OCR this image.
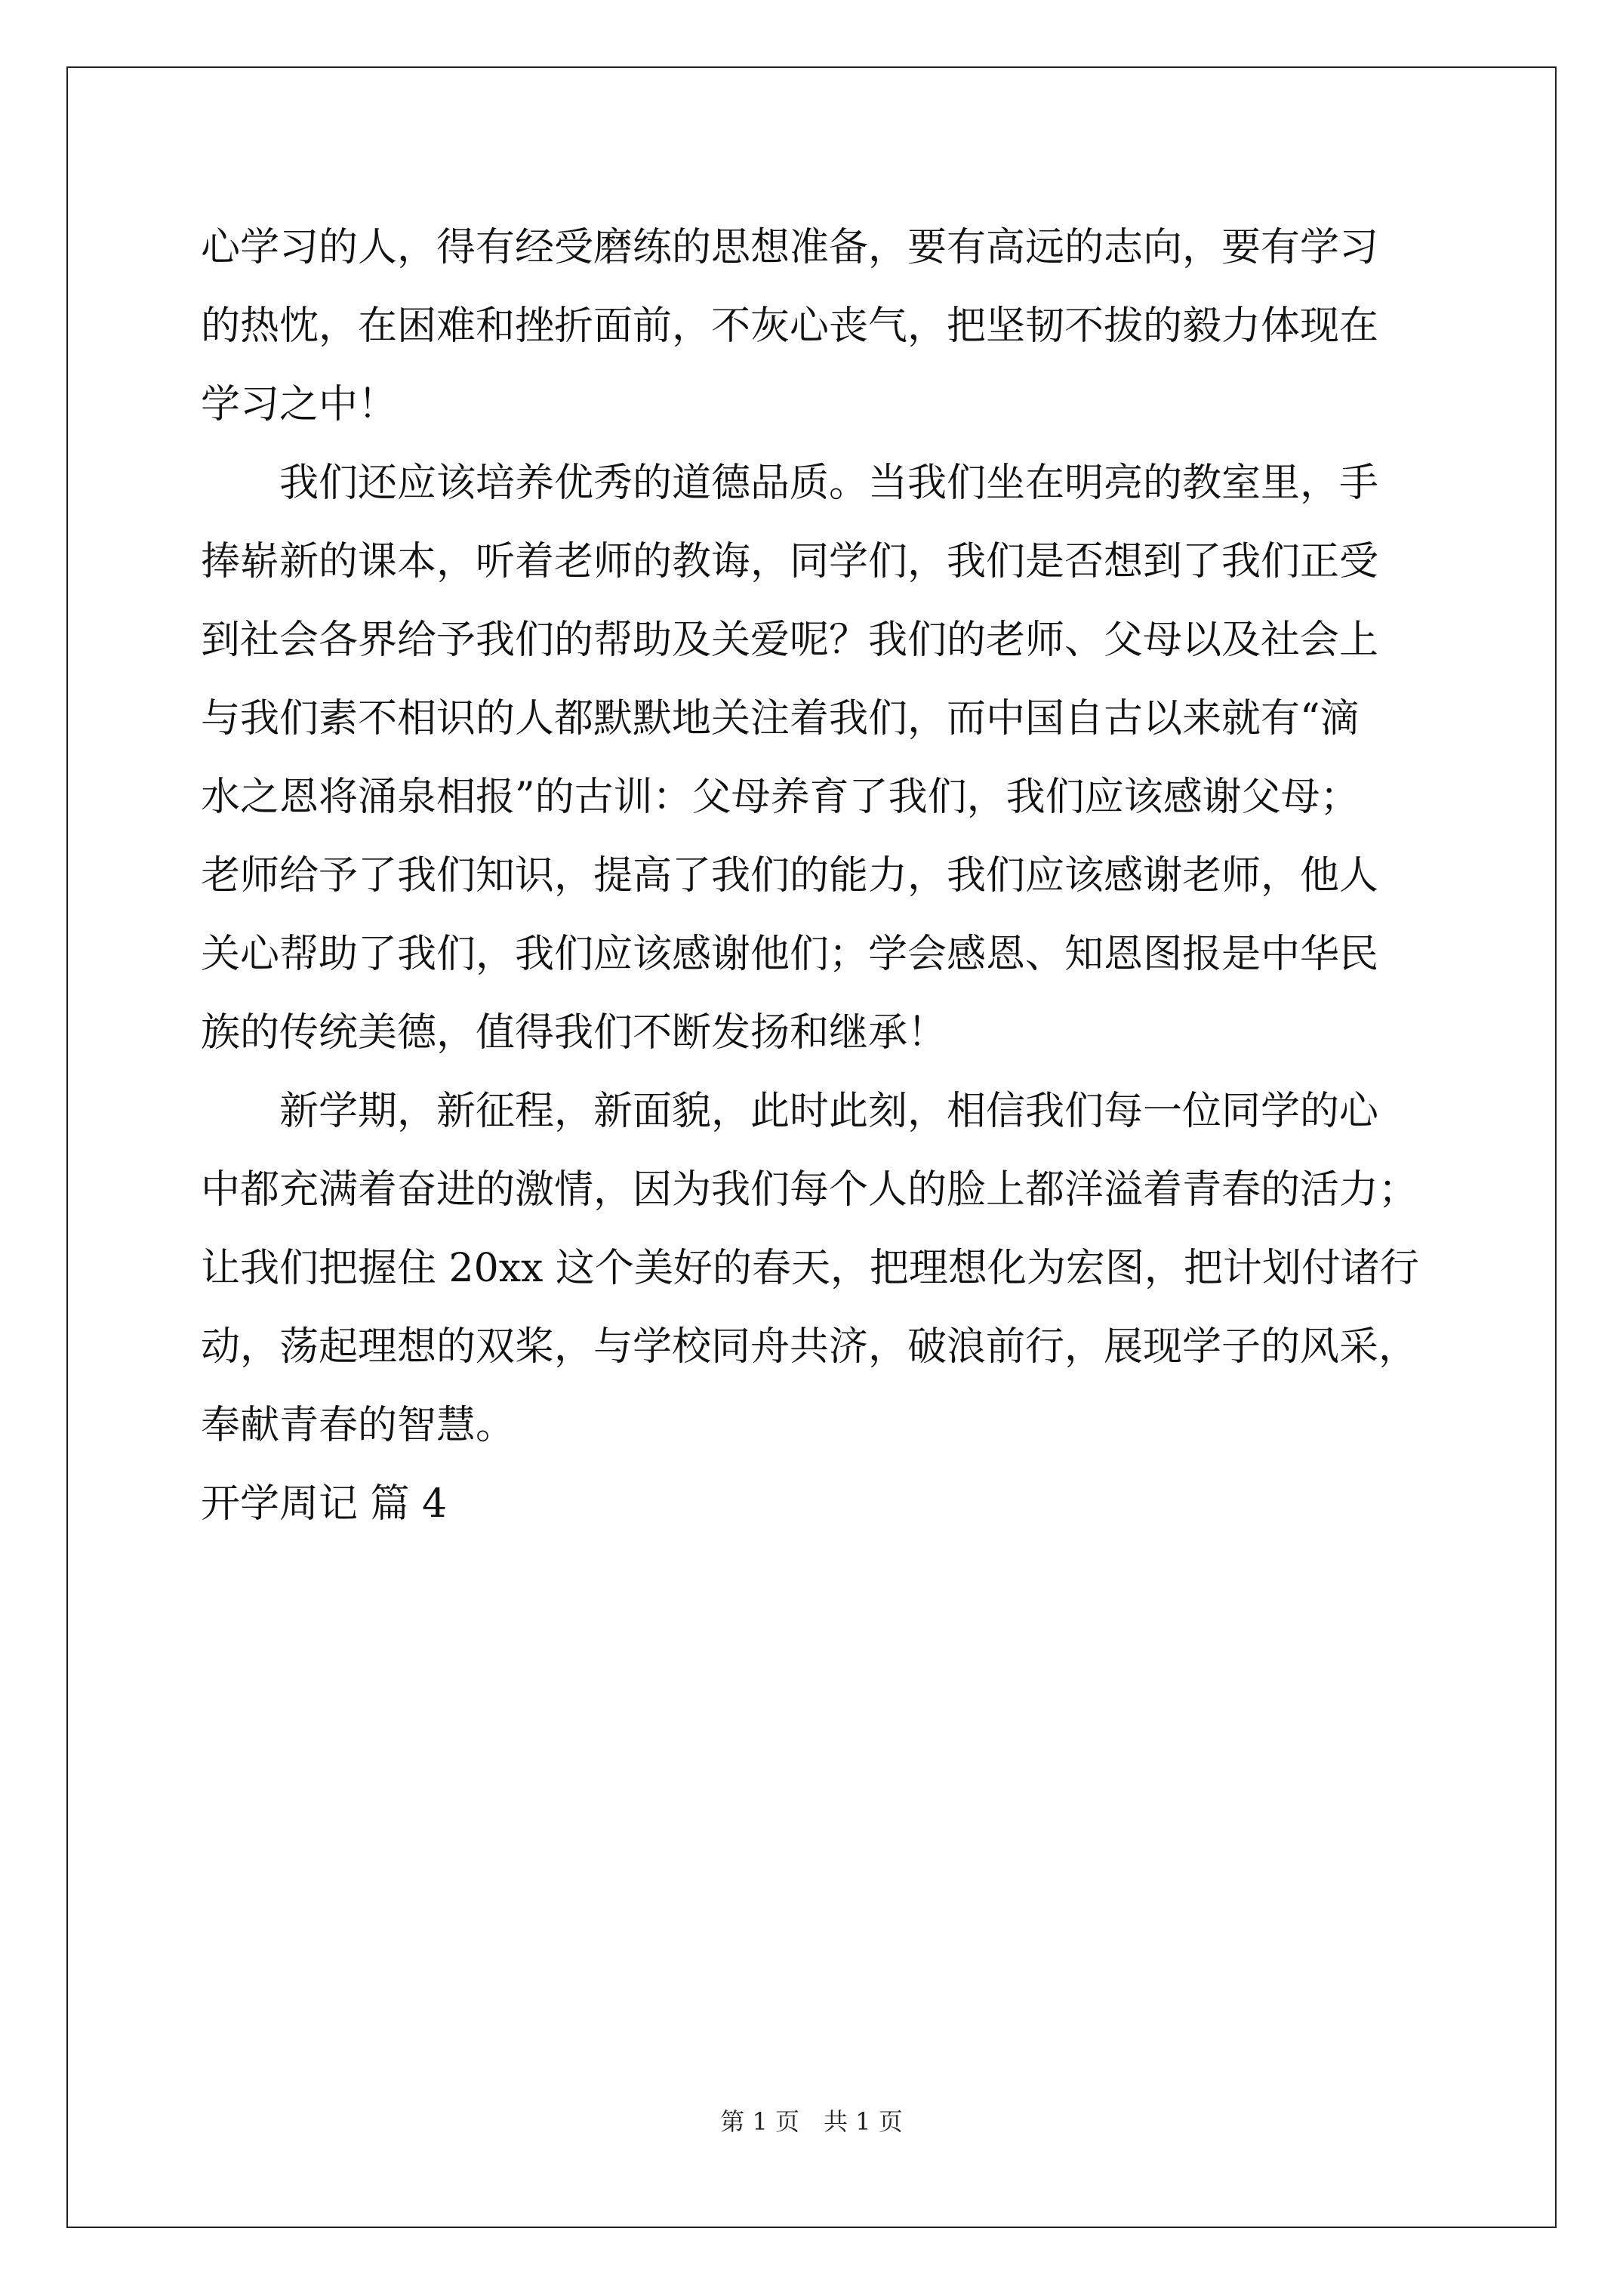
心学习的人，得有经受磨练的思想准备，要有高远的志向，要有学习
的热忱，在困难和挫折面前，不灰心丧气，把坚韧不拔的毅力体现在
学习之中！
　　我们还应该培养优秀的道德品质。当我们坐在明亮的教室里，手
捧崭新的课本，听着老师的教诲，同学们，我们是否想到了我们正受
到社会各界给予我们的帮助及关爱呢？我们的老师、父母以及社会上
与我们素不相识的人都默默地关注着我们，而中国自古以来就有“滴
水之恩将涌泉相报”的古训：父母养育了我们，我们应该感谢父母；
老师给予了我们知识，提高了我们的能力，我们应该感谢老师，他人
关心帮助了我们，我们应该感谢他们；学会感恩、知恩图报是中华民
族的传统美德，值得我们不断发扬和继承！
　　新学期，新征程，新面貌，此时此刻，相信我们每一位同学的心
中都充满着奋进的激情，因为我们每个人的脸上都洋溢着青春的活力；
让我们把握住 20xx 这个美好的春天，把理想化为宏图，把计划付诸行
动，荡起理想的双桨，与学校同舟共济，破浪前行，展现学子的风采，
奉献青春的智慧。
开学周记 篇 4
第 1 页　共 1 页
